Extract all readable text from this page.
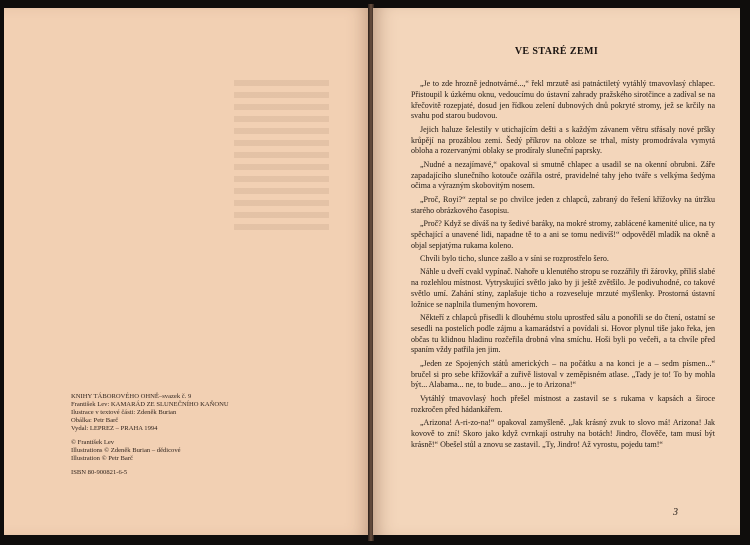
KNIHY TÁBOROVÉHO OHNĚ–svazek č. 9
František Lev: KAMARÁD ZE SLUNEČNÍHO KAŇONU
Ilustrace v textové části: Zdeněk Burian
Obálka: Petr Barč
Vydal: LEPREZ – PRAHA 1994
© František Lev
Illustrations © Zdeněk Burian – dědicové
Illustration © Petr Barč
ISBN 80-900821-6-5
VE STARÉ ZEMI

„Je to zde hrozně jednotvárné...,“ řekl mrzutě asi patnáctiletý vytáhlý tmavovlasý chlapec. Přistoupil k úzkému oknu, vedoucímu do ústavní zahrady pražského sirotčince a zadíval se na křečovitě rozepjaté, dosud jen řídkou zelení dubnových dnů pokryté stromy, jež se krčily na svahu pod starou budovou.

Jejich haluze šelestily v utichajícím dešti a s každým závanem větru střásaly nové pršky krůpějí na prozáblou zemi. Šedý příkrov na obloze se trhal, místy promodrávala vymytá obloha a rozervanými oblaky se prodíraly sluneční paprsky.

„Nudné a nezajímavé,“ opakoval si smutně chlapec a usadil se na okenní obrubni. Záře zapadajícího slunečního kotouče ozářila ostré, pravidelné tahy jeho tváře s velkýma šedýma očima a výrazným skobovitým nosem.

„Proč, Royi?“ zeptal se po chvilce jeden z chlapců, zabraný do řešení křížovky na útržku starého obrázkového časopisu.

„Proč? Když se díváš na ty šedivé baráky, na mokré stromy, zablácené kamenité ulice, na ty spěchající a unavené lidi, napadne tě to a ani se tomu nedivíš!“ odpověděl mladík na okně a objal sepjatýma rukama koleno.

Chvíli bylo ticho, slunce zašlo a v síni se rozprostřelo šero.

Náhle u dveří cvakl vypínač. Nahoře u klenutého stropu se rozzářily tři žárovky, příliš slabé na rozlehlou místnost. Vytryskující světlo jako by ji ještě zvětšilo. Je podivuhodné, co takové světlo umí. Zahání stíny, zaplašuje ticho a rozveseluje mrzuté myšlenky. Prostorná ústavní ložnice se naplnila tlumeným hovorem.

Někteří z chlapců přisedli k dlouhému stolu uprostřed sálu a ponořili se do čtení, ostatní se sesedli na postelích podle zájmu a kamarádství a povídali si. Hovor plynul tiše jako řeka, jen občas tu klidnou hladinu rozčeřila drobná vlna smíchu. Hoši byli po večeři, a ta chvíle před spaním vždy patřila jen jim.

„Jeden ze Spojených států amerických – na počátku a na konci je a – sedm písmen...“ bručel si pro sebe křížovkář a zuřivě listoval v zeměpisném atlase. „Tady je to! To by mohla být... Alabama... ne, to bude... ano... je to Arizona!“

Vytáhlý tmavovlasý hoch přešel místnost a zastavil se s rukama v kapsách a široce rozkročen před hádankářem.

„Arizona! A-ri-zo-na!“ opakoval zamyšleně. „Jak krásný zvuk to slovo má! Arizona! Jak kovově to zní! Skoro jako když cvrnkají ostruhy na botách! Jindro, člověče, tam musí být krásně!“ Obešel stůl a znovu se zastavil. „Ty, Jindro! Až vyrostu, pojedu tam!“

3
